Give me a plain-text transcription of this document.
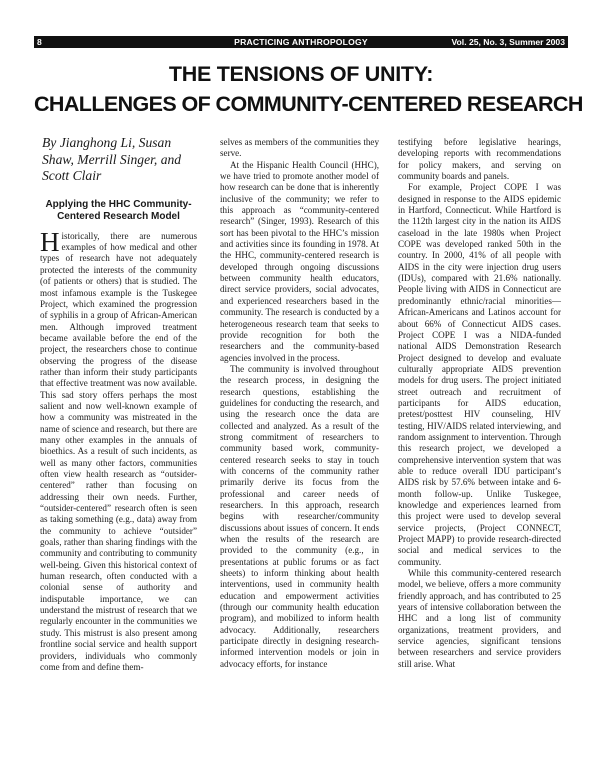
8	PRACTICING ANTHROPOLOGY	Vol. 25, No. 3, Summer 2003
THE TENSIONS OF UNITY:
CHALLENGES OF COMMUNITY-CENTERED RESEARCH
By Jianghong Li, Susan Shaw, Merrill Singer, and Scott Clair
Applying the HHC Community-Centered Research Model

Historically, there are numerous examples of how medical and other types of research have not adequately protected the interests of the community (of patients or others) that is studied. The most infamous example is the Tuskegee Project, which examined the progression of syphilis in a group of African-American men. Although improved treatment became available before the end of the project, the researchers chose to continue observing the progress of the disease rather than inform their study participants that effective treatment was now available. This sad story offers perhaps the most salient and now well-known example of how a community was mistreated in the name of science and research, but there are many other examples in the annuals of bioethics. As a result of such incidents, as well as many other factors, communities often view health research as “outsider-centered” rather than focusing on addressing their own needs. Further, “outsider-centered” research often is seen as taking something (e.g., data) away from the community to achieve “outsider” goals, rather than sharing findings with the community and contributing to community well-being. Given this historical context of human research, often conducted with a colonial sense of authority and indisputable importance, we can understand the mistrust of research that we regularly encounter in the communities we study. This mistrust is also present among frontline social service and health support providers, individuals who commonly come from and define them-

selves as members of the communities they serve.

At the Hispanic Health Council (HHC), we have tried to promote another model of how research can be done that is inherently inclusive of the community; we refer to this approach as “community-centered research” (Singer, 1993). Research of this sort has been pivotal to the HHC’s mission and activities since its founding in 1978. At the HHC, community-centered research is developed through ongoing discussions between community health educators, direct service providers, social advocates, and experienced researchers based in the community. The research is conducted by a heterogeneous research team that seeks to provide recognition for both the researchers and the community-based agencies involved in the process.

The community is involved throughout the research process, in designing the research questions, establishing the guidelines for conducting the research, and using the research once the data are collected and analyzed. As a result of the strong commitment of researchers to community based work, community-centered research seeks to stay in touch with concerns of the community rather primarily derive its focus from the professional and career needs of researchers. In this approach, research begins with researcher/community discussions about issues of concern. It ends when the results of the research are provided to the community (e.g., in presentations at public forums or as fact sheets) to inform thinking about health interventions, used in community health education and empowerment activities (through our community health education program), and mobilized to inform health advocacy. Additionally, researchers participate directly in designing research-informed intervention models or join in advocacy efforts, for instance

testifying before legislative hearings, developing reports with recommendations for policy makers, and serving on community boards and panels.

For example, Project COPE I was designed in response to the AIDS epidemic in Hartford, Connecticut. While Hartford is the 112th largest city in the nation its AIDS caseload in the late 1980s when Project COPE was developed ranked 50th in the country. In 2000, 41% of all people with AIDS in the city were injection drug users (IDUs), compared with 21.6% nationally. People living with AIDS in Connecticut are predominantly ethnic/racial minorities—African-Americans and Latinos account for about 66% of Connecticut AIDS cases. Project COPE I was a NIDA-funded national AIDS Demonstration Research Project designed to develop and evaluate culturally appropriate AIDS prevention models for drug users. The project initiated street outreach and recruitment of participants for AIDS education, pretest/posttest HIV counseling, HIV testing, HIV/AIDS related interviewing, and random assignment to intervention. Through this research project, we developed a comprehensive intervention system that was able to reduce overall IDU participant’s AIDS risk by 57.6% between intake and 6-month follow-up. Unlike Tuskegee, knowledge and experiences learned from this project were used to develop several service projects, (Project CONNECT, Project MAPP) to provide research-directed social and medical services to the community.

While this community-centered research model, we believe, offers a more community friendly approach, and has contributed to 25 years of intensive collaboration between the HHC and a long list of community organizations, treatment providers, and service agencies, significant tensions between researchers and service providers still arise. What
